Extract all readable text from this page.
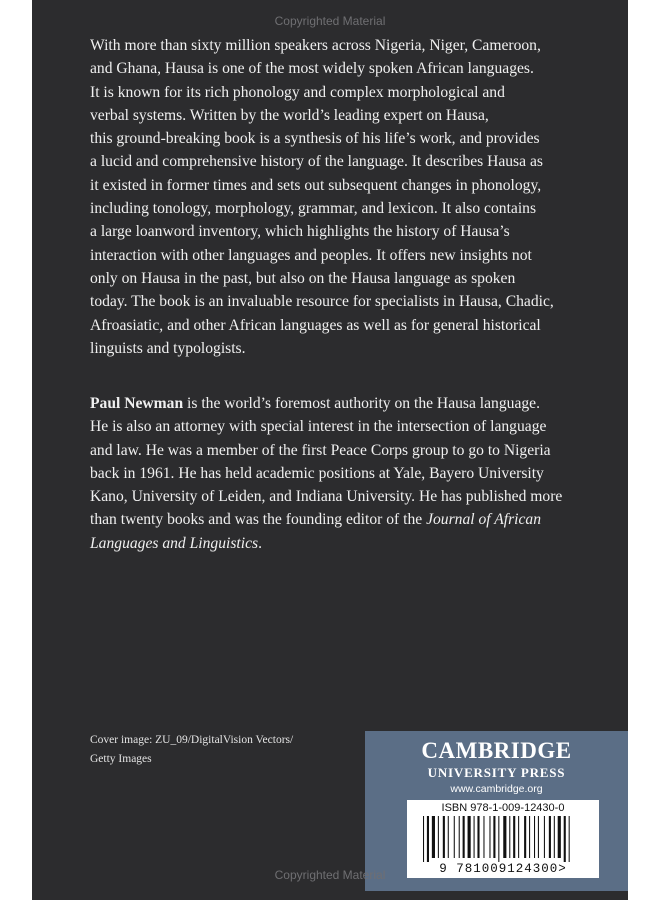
Copyrighted Material

With more than sixty million speakers across Nigeria, Niger, Cameroon,
and Ghana, Hausa is one of the most widely spoken African languages.
It is known for its rich phonology and complex morphological and
verbal systems. Written by the world’s leading expert on Hausa,
this ground-breaking book is a synthesis of his life’s work, and provides
a lucid and comprehensive history of the language. It describes Hausa as
it existed in former times and sets out subsequent changes in phonology,
including tonology, morphology, grammar, and lexicon. It also contains
a large loanword inventory, which highlights the history of Hausa’s
interaction with other languages and peoples. It offers new insights not
only on Hausa in the past, but also on the Hausa language as spoken
today. The book is an invaluable resource for specialists in Hausa, Chadic,
Afroasiatic, and other African languages as well as for general historical
linguists and typologists.

Paul Newman is the world’s foremost authority on the Hausa language.
He is also an attorney with special interest in the intersection of language
and law. He was a member of the first Peace Corps group to go to Nigeria
back in 1961. He has held academic positions at Yale, Bayero University
Kano, University of Leiden, and Indiana University. He has published more
than twenty books and was the founding editor of the Journal of African
Languages and Linguistics.

Cover image: ZU_09/DigitalVision Vectors/
Getty Images	CAMBRIDGE
UNIVERSITY PRESS
www.cambridge.org
ISBN 978-1-009-12430-0
9 781009124300>
Copyrighted Material
